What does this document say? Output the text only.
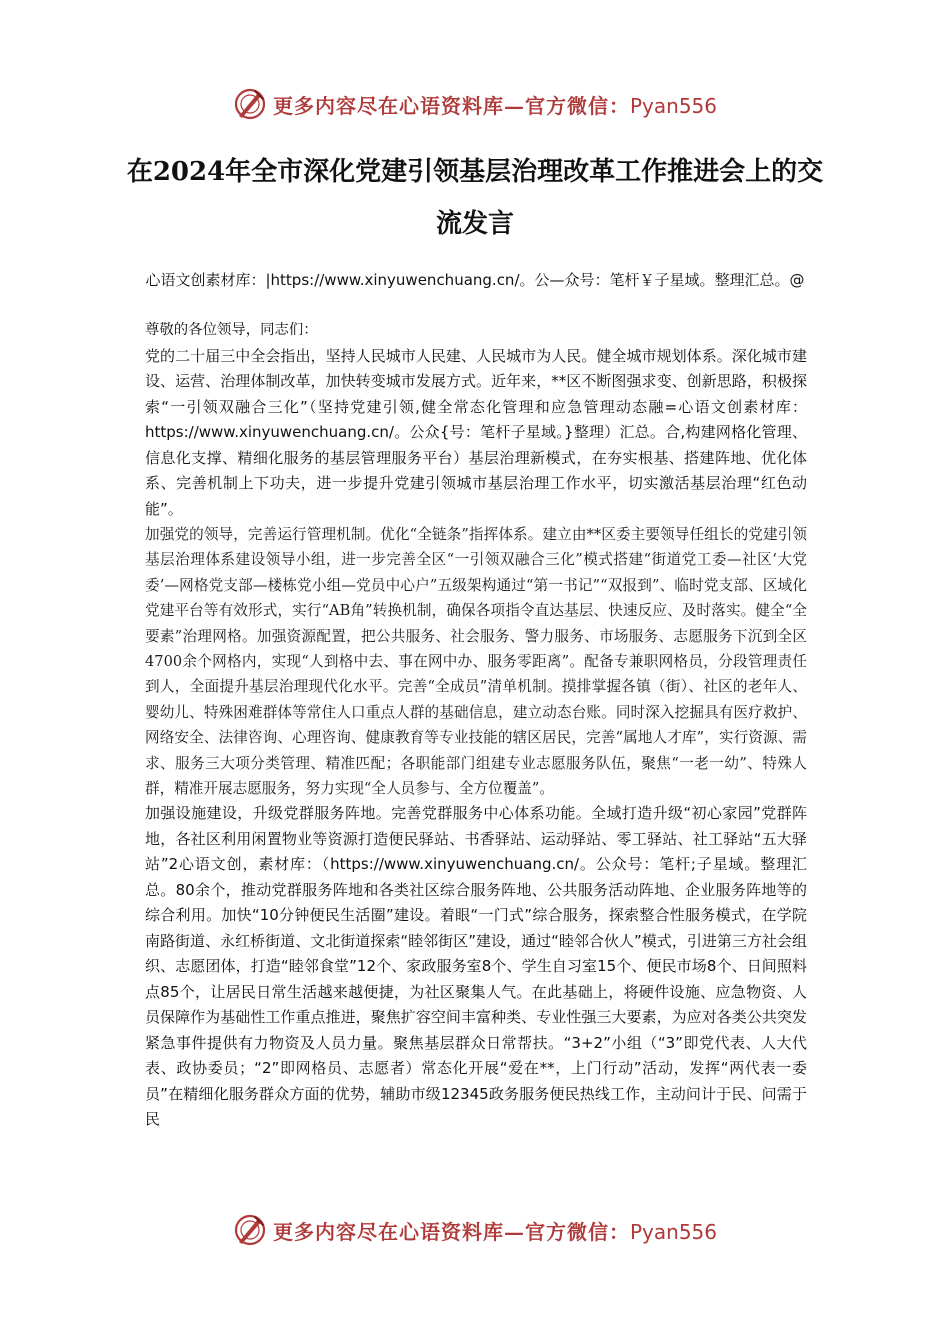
更多内容尽在心语资料库—官方微信：Pyan556
在2024年全市深化党建引领基层治理改革工作推进会上的交流发言

心语文创素材库：|https://www.xinyuwenchuang.cn/。公—众号：笔杆￥子星域。整理汇总。@

尊敬的各位领导，同志们：

党的二十届三中全会指出，坚持人民城市人民建、人民城市为人民。健全城市规划体系。深化城市建设、运营、治理体制改革，加快转变城市发展方式。近年来，**区不断图强求变、创新思路，积极探索“一引领双融合三化”（坚持党建引领,健全常态化管理和应急管理动态融=心语文创素材库：https://www.xinyuwenchuang.cn/。公众{号：笔杆子星域。}整理）汇总。合,构建网格化管理、信息化支撑、精细化服务的基层管理服务平台）基层治理新模式，在夯实根基、搭建阵地、优化体系、完善机制上下功夫，进一步提升党建引领城市基层治理工作水平，切实激活基层治理“红色动能”。

加强党的领导，完善运行管理机制。优化“全链条”指挥体系。建立由**区委主要领导任组长的党建引领基层治理体系建设领导小组，进一步完善全区“一引领双融合三化”模式搭建“街道党工委—社区‘大党委’—网格党支部—楼栋党小组—党员中心户”五级架构通过“第一书记”“双报到”、临时党支部、区域化党建平台等有效形式，实行“AB角”转换机制，确保各项指令直达基层、快速反应、及时落实。健全“全要素”治理网格。加强资源配置，把公共服务、社会服务、警力服务、市场服务、志愿服务下沉到全区4700余个网格内，实现“人到格中去、事在网中办、服务零距离”。配备专兼职网格员，分段管理责任到人，全面提升基层治理现代化水平。完善“全成员”清单机制。摸排掌握各镇（街）、社区的老年人、婴幼儿、特殊困难群体等常住人口重点人群的基础信息，建立动态台账。同时深入挖掘具有医疗救护、网络安全、法律咨询、心理咨询、健康教育等专业技能的辖区居民，完善“属地人才库”，实行资源、需求、服务三大项分类管理、精准匹配；各职能部门组建专业志愿服务队伍，聚焦“一老一幼”、特殊人群，精准开展志愿服务，努力实现“全人员参与、全方位覆盖”。

加强设施建设，升级党群服务阵地。完善党群服务中心体系功能。全域打造升级“初心家园”党群阵地，各社区利用闲置物业等资源打造便民驿站、书香驿站、运动驿站、零工驿站、社工驿站“五大驿站”2心语文创，素材库：（https://www.xinyuwenchuang.cn/。公众号：笔杆;子星域。整理汇总。80余个，推动党群服务阵地和各类社区综合服务阵地、公共服务活动阵地、企业服务阵地等的综合利用。加快“10分钟便民生活圈”建设。着眼“一门式”综合服务，探索整合性服务模式，在学院南路街道、永红桥街道、文北街道探索“睦邻街区”建设，通过“睦邻合伙人”模式，引进第三方社会组织、志愿团体，打造“睦邻食堂”12个、家政服务室8个、学生自习室15个、便民市场8个、日间照料点85个，让居民日常生活越来越便捷，为社区聚集人气。在此基础上，将硬件设施、应急物资、人员保障作为基础性工作重点推进，聚焦扩容空间丰富种类、专业性强三大要素，为应对各类公共突发紧急事件提供有力物资及人员力量。聚焦基层群众日常帮扶。“3+2”小组（“3”即党代表、人大代表、政协委员；“2”即网格员、志愿者）常态化开展“爱在**，上门行动”活动，发挥“两代表一委员”在精细化服务群众方面的优势，辅助市级12345政务服务便民热线工作，主动问计于民、问需于民

更多内容尽在心语资料库—官方微信：Pyan556
